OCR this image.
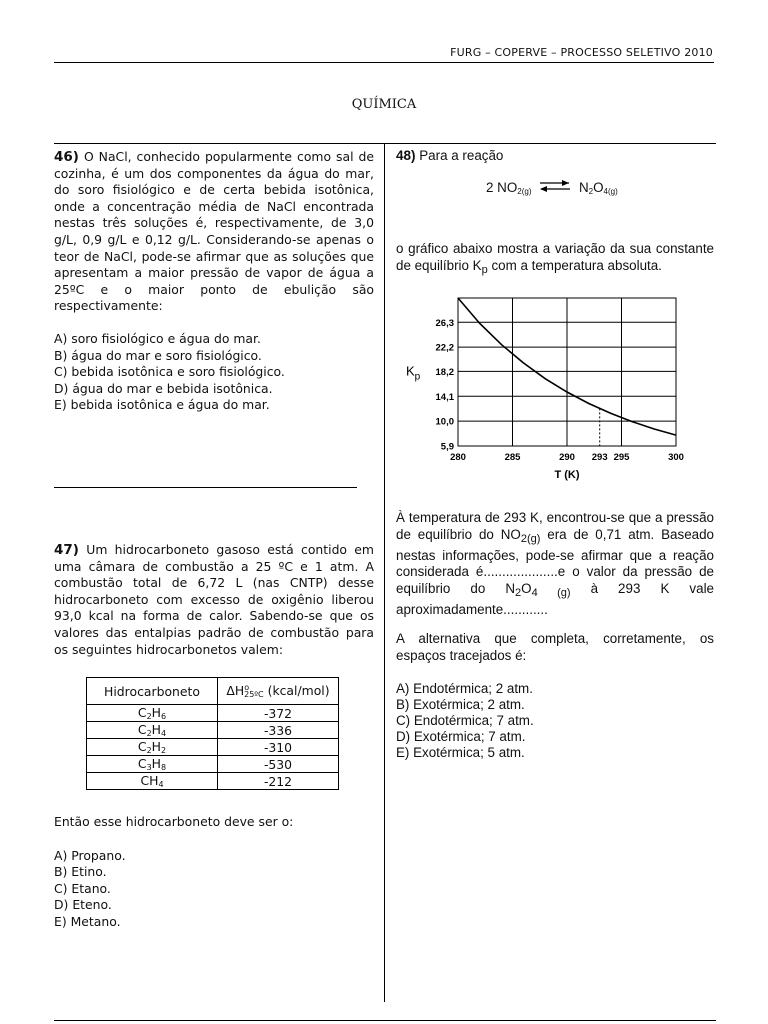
FURG – COPERVE – PROCESSO SELETIVO 2010
QUÍMICA

46) O NaCl, conhecido popularmente como sal de cozinha, é um dos componentes da água do mar, do soro fisiológico e de certa bebida isotônica, onde a concentração média de NaCl encontrada nestas três soluções é, respectivamente, de 3,0 g/L, 0,9 g/L e 0,12 g/L. Considerando-se apenas o teor de NaCl, pode-se afirmar que as soluções que apresentam a maior pressão de vapor de água a 25ºC e o maior ponto de ebulição são respectivamente:

A) soro fisiológico e água do mar.

B) água do mar e soro fisiológico.

C) bebida isotônica e soro fisiológico.

D) água do mar e bebida isotônica.

E) bebida isotônica e água do mar.

47) Um hidrocarboneto gasoso está contido em uma câmara de combustão a 25 ºC e 1 atm. A combustão total de 6,72 L (nas CNTP) desse hidrocarboneto com excesso de oxigênio liberou 93,0 kcal na forma de calor. Sabendo-se que os valores das entalpias padrão de combustão para os seguintes hidrocarbonetos valem:

Hidrocarboneto	$\Delta H^o_{25ºC}$ (kcal/mol)
$C_2H_6$	-372
$C_2H_4$	-336
$C_2H_2$	-310
$C_3H_8$	-530
$CH_4$	-212

Então esse hidrocarboneto deve ser o:

A) Propano.

B) Etino.

C) Etano.

D) Eteno.

E) Metano.

48) Para a reação

2 $NO_{2(g)}$ ⇌ $N_2O_{4(g)}$
o gráfico abaixo mostra a variação da sua constante de equilíbrio $K_p$ com a temperatura absoluta.
5,9
10,0
14,1
18,2
22,2
26,3
280	285	290 293 295	300
T (K)
$K_p$
À temperatura de 293 K, encontrou-se que a pressão de equilíbrio do $NO_{2(g)}$ era de 0,71 atm. Baseado nestas informações, pode-se afirmar que a reação considerada é....................e o valor da pressão de equilíbrio do $N_2O_{4 (g)}$ à 293 K vale aproximadamente............

A alternativa que completa, corretamente, os espaços tracejados é:

A) Endotérmica; 2 atm.

B) Exotérmica; 2 atm.

C) Endotérmica; 7 atm.

D) Exotérmica; 7 atm.

E) Exotérmica; 5 atm.
